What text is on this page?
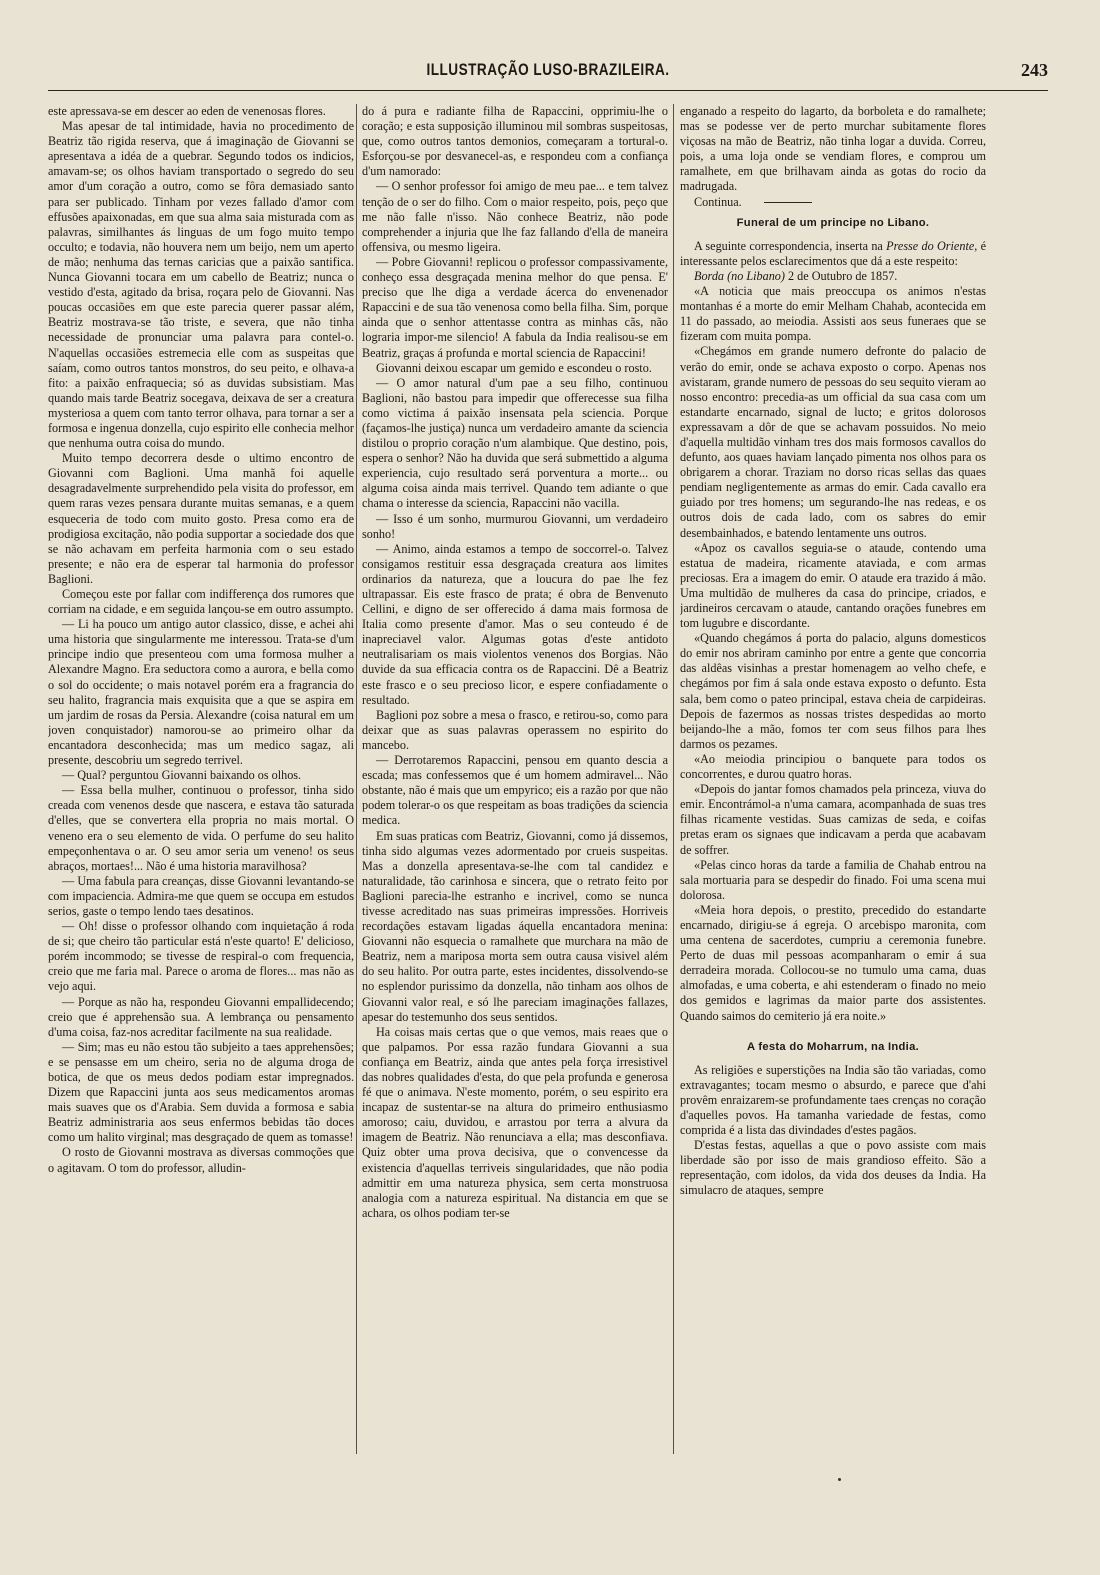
ILLUSTRAÇÃO LUSO-BRAZILEIRA.	243

este apressava-se em descer ao eden de venenosas flores.

Mas apesar de tal intimidade, havia no procedimento de Beatriz tão rigida reserva, que á imaginação de Giovanni se apresentava a idéa de a quebrar. Segundo todos os indicios, amavam-se; os olhos haviam transportado o segredo do seu amor d'um coração a outro, como se fôra demasiado santo para ser publicado. Tinham por vezes fallado d'amor com effusões apaixonadas, em que sua alma saia misturada com as palavras, similhantes ás linguas de um fogo muito tempo occulto; e todavia, não houvera nem um beijo, nem um aperto de mão; nenhuma das ternas caricias que a paixão santifica. Nunca Giovanni tocara em um cabello de Beatriz; nunca o vestido d'esta, agitado da brisa, roçara pelo de Giovanni. Nas poucas occasiões em que este parecia querer passar além, Beatriz mostrava-se tão triste, e severa, que não tinha necessidade de pronunciar uma palavra para contel-o. N'aquellas occasiões estremecia elle com as suspeitas que saíam, como outros tantos monstros, do seu peito, e olhava-a fito: a paixão enfraquecia; só as duvidas subsistiam. Mas quando mais tarde Beatriz socegava, deixava de ser a creatura mysteriosa a quem com tanto terror olhava, para tornar a ser a formosa e ingenua donzella, cujo espirito elle conhecia melhor que nenhuma outra coisa do mundo.

Muito tempo decorrera desde o ultimo encontro de Giovanni com Baglioni. Uma manhã foi aquelle desagradavelmente surprehendido pela visita do professor, em quem raras vezes pensara durante muitas semanas, e a quem esqueceria de todo com muito gosto. Presa como era de prodigiosa excitação, não podia supportar a sociedade dos que se não achavam em perfeita harmonia com o seu estado presente; e não era de esperar tal harmonia do professor Baglioni.

Começou este por fallar com indifferença dos rumores que corriam na cidade, e em seguida lançou-se em outro assumpto.

— Li ha pouco um antigo autor classico, disse, e achei ahi uma historia que singularmente me interessou. Trata-se d'um principe indio que presenteou com uma formosa mulher a Alexandre Magno. Era seductora como a aurora, e bella como o sol do occidente; o mais notavel porém era a fragrancia do seu halito, fragrancia mais exquisita que a que se aspira em um jardim de rosas da Persia. Alexandre (coisa natural em um joven conquistador) namorou-se ao primeiro olhar da encantadora desconhecida; mas um medico sagaz, ali presente, descobriu um segredo terrivel.

— Qual? perguntou Giovanni baixando os olhos.

— Essa bella mulher, continuou o professor, tinha sido creada com venenos desde que nascera, e estava tão saturada d'elles, que se convertera ella propria no mais mortal. O veneno era o seu elemento de vida. O perfume do seu halito empeçonhentava o ar. O seu amor seria um veneno! os seus abraços, mortaes!... Não é uma historia maravilhosa?

— Uma fabula para creanças, disse Giovanni levantando-se com impaciencia. Admira-me que quem se occupa em estudos serios, gaste o tempo lendo taes desatinos.

— Oh! disse o professor olhando com inquietação á roda de si; que cheiro tão particular está n'este quarto! E' delicioso, porém incommodo; se tivesse de respiral-o com frequencia, creio que me faria mal. Parece o aroma de flores... mas não as vejo aqui.

— Porque as não ha, respondeu Giovanni empallidecendo; creio que é apprehensão sua. A lembrança ou pensamento d'uma coisa, faz-nos acreditar facilmente na sua realidade.

— Sim; mas eu não estou tão subjeito a taes apprehensões; e se pensasse em um cheiro, seria no de alguma droga de botica, de que os meus dedos podiam estar impregnados. Dizem que Rapaccini junta aos seus medicamentos aromas mais suaves que os d'Arabia. Sem duvida a formosa e sabia Beatriz administraria aos seus enfermos bebidas tão doces como um halito virginal; mas desgraçado de quem as tomasse!

O rosto de Giovanni mostrava as diversas commoções que o agitavam. O tom do professor, alludin-

do á pura e radiante filha de Rapaccini, opprimiu-lhe o coração; e esta supposição illuminou mil sombras suspeitosas, que, como outros tantos demonios, começaram a tortural-o. Esforçou-se por desvanecel-as, e respondeu com a confiança d'um namorado:

— O senhor professor foi amigo de meu pae... e tem talvez tenção de o ser do filho. Com o maior respeito, pois, peço que me não falle n'isso. Não conhece Beatriz, não pode comprehender a injuria que lhe faz fallando d'ella de maneira offensiva, ou mesmo ligeira.

— Pobre Giovanni! replicou o professor compassivamente, conheço essa desgraçada menina melhor do que pensa. E' preciso que lhe diga a verdade ácerca do envenenador Rapaccini e de sua tão venenosa como bella filha. Sim, porque ainda que o senhor attentasse contra as minhas cãs, não lograria impor-me silencio! A fabula da India realisou-se em Beatriz, graças á profunda e mortal sciencia de Rapaccini!

Giovanni deixou escapar um gemido e escondeu o rosto.

— O amor natural d'um pae a seu filho, continuou Baglioni, não bastou para impedir que offerecesse sua filha como victima á paixão insensata pela sciencia. Porque (façamos-lhe justiça) nunca um verdadeiro amante da sciencia distilou o proprio coração n'um alambique. Que destino, pois, espera o senhor? Não ha duvida que será submettido a alguma experiencia, cujo resultado será porventura a morte... ou alguma coisa ainda mais terrivel. Quando tem adiante o que chama o interesse da sciencia, Rapaccini não vacilla.

— Isso é um sonho, murmurou Giovanni, um verdadeiro sonho!

— Animo, ainda estamos a tempo de soccorrel-o. Talvez consigamos restituir essa desgraçada creatura aos limites ordinarios da natureza, que a loucura do pae lhe fez ultrapassar. Eis este frasco de prata; é obra de Benvenuto Cellini, e digno de ser offerecido á dama mais formosa de Italia como presente d'amor. Mas o seu conteudo é de inapreciavel valor. Algumas gotas d'este antidoto neutralisariam os mais violentos venenos dos Borgias. Não duvide da sua efficacia contra os de Rapaccini. Dê a Beatriz este frasco e o seu precioso licor, e espere confiadamente o resultado.

Baglioni poz sobre a mesa o frasco, e retirou-so, como para deixar que as suas palavras operassem no espirito do mancebo.

— Derrotaremos Rapaccini, pensou em quanto descia a escada; mas confessemos que é um homem admiravel... Não obstante, não é mais que um empyrico; eis a razão por que não podem tolerar-o os que respeitam as boas tradições da sciencia medica.

Em suas praticas com Beatriz, Giovanni, como já dissemos, tinha sido algumas vezes adormentado por crueis suspeitas. Mas a donzella apresentava-se-lhe com tal candidez e naturalidade, tão carinhosa e sincera, que o retrato feito por Baglioni parecia-lhe estranho e incrivel, como se nunca tivesse acreditado nas suas primeiras impressões. Horriveis recordações estavam ligadas áquella encantadora menina: Giovanni não esquecia o ramalhete que murchara na mão de Beatriz, nem a mariposa morta sem outra causa visivel além do seu halito. Por outra parte, estes incidentes, dissolvendo-se no esplendor purissimo da donzella, não tinham aos olhos de Giovanni valor real, e só lhe pareciam imaginações fallazes, apesar do testemunho dos seus sentidos.

Ha coisas mais certas que o que vemos, mais reaes que o que palpamos. Por essa razão fundara Giovanni a sua confiança em Beatriz, ainda que antes pela força irresistivel das nobres qualidades d'esta, do que pela profunda e generosa fé que o animava. N'este momento, porém, o seu espirito era incapaz de sustentar-se na altura do primeiro enthusiasmo amoroso; caiu, duvidou, e arrastou por terra a alvura da imagem de Beatriz. Não renunciava a ella; mas desconfiava. Quiz obter uma prova decisiva, que o convencesse da existencia d'aquellas terriveis singularidades, que não podia admittir em uma natureza physica, sem certa monstruosa analogia com a natureza espiritual. Na distancia em que se achara, os olhos podiam ter-se

enganado a respeito do lagarto, da borboleta e do ramalhete; mas se podesse ver de perto murchar subitamente flores viçosas na mão de Beatriz, não tinha logar a duvida. Correu, pois, a uma loja onde se vendiam flores, e comprou um ramalhete, em que brilhavam ainda as gotas do rocio da madrugada.

Continua.

Funeral de um principe no Libano.

A seguinte correspondencia, inserta na Presse do Oriente, é interessante pelos esclarecimentos que dá a este respeito:

Borda (no Libano) 2 de Outubro de 1857.

«A noticia que mais preoccupa os animos n'estas montanhas é a morte do emir Melham Chahab, acontecida em 11 do passado, ao meiodia. Assisti aos seus funeraes que se fizeram com muita pompa.

«Chegámos em grande numero defronte do palacio de verão do emir, onde se achava exposto o corpo. Apenas nos avistaram, grande numero de pessoas do seu sequito vieram ao nosso encontro: precedia-as um official da sua casa com um estandarte encarnado, signal de lucto; e gritos dolorosos expressavam a dôr de que se achavam possuidos. No meio d'aquella multidão vinham tres dos mais formosos cavallos do defunto, aos quaes haviam lançado pimenta nos olhos para os obrigarem a chorar. Traziam no dorso ricas sellas das quaes pendiam negligentemente as armas do emir. Cada cavallo era guiado por tres homens; um segurando-lhe nas redeas, e os outros dois de cada lado, com os sabres do emir desembainhados, e batendo lentamente uns outros.

«Apoz os cavallos seguia-se o ataude, contendo uma estatua de madeira, ricamente ataviada, e com armas preciosas. Era a imagem do emir. O ataude era trazido á mão. Uma multidão de mulheres da casa do principe, criados, e jardineiros cercavam o ataude, cantando orações funebres em tom lugubre e discordante.

«Quando chegámos á porta do palacio, alguns domesticos do emir nos abriram caminho por entre a gente que concorria das aldêas visinhas a prestar homenagem ao velho chefe, e chegámos por fim á sala onde estava exposto o defunto. Esta sala, bem como o pateo principal, estava cheia de carpideiras. Depois de fazermos as nossas tristes despedidas ao morto beijando-lhe a mão, fomos ter com seus filhos para lhes darmos os pezames.

«Ao meiodia principiou o banquete para todos os concorrentes, e durou quatro horas.

«Depois do jantar fomos chamados pela princeza, viuva do emir. Encontrámol-a n'uma camara, acompanhada de suas tres filhas ricamente vestidas. Suas camizas de seda, e coifas pretas eram os signaes que indicavam a perda que acabavam de soffrer.

«Pelas cinco horas da tarde a familia de Chahab entrou na sala mortuaria para se despedir do finado. Foi uma scena mui dolorosa.

«Meia hora depois, o prestito, precedido do estandarte encarnado, dirigiu-se á egreja. O arcebispo maronita, com uma centena de sacerdotes, cumpriu a ceremonia funebre. Perto de duas mil pessoas acompanharam o emir á sua derradeira morada. Collocou-se no tumulo uma cama, duas almofadas, e uma coberta, e ahi estenderam o finado no meio dos gemidos e lagrimas da maior parte dos assistentes. Quando saimos do cemiterio já era noite.»

A festa do Moharrum, na India.

As religiões e superstições na India são tão variadas, como extravagantes; tocam mesmo o absurdo, e parece que d'ahi provêm enraizarem-se profundamente taes crenças no coração d'aquelles povos. Ha tamanha variedade de festas, como comprida é a lista das divindades d'estes pagãos.

D'estas festas, aquellas a que o povo assiste com mais liberdade são por isso de mais grandioso effeito. São a representação, com idolos, da vida dos deuses da India. Ha simulacro de ataques, sempre
